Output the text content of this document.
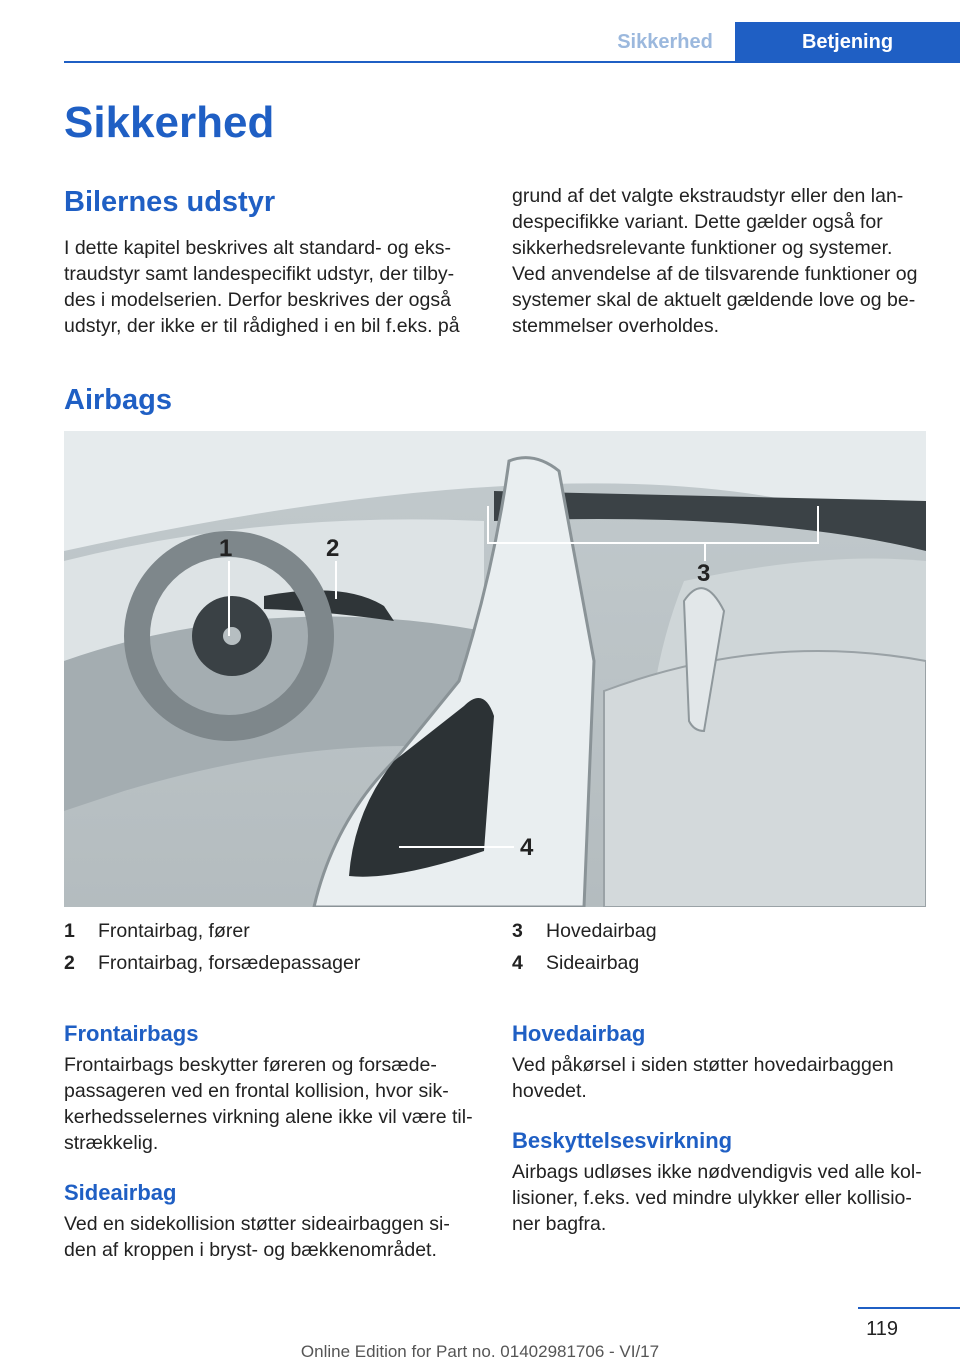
Sikkerhed	Betjening
Sikkerhed
Bilernes udstyr
I dette kapitel beskrives alt standard- og eks-
traudstyr samt landespecifikt udstyr, der tilby-
des i modelserien. Derfor beskrives der også
udstyr, der ikke er til rådighed i en bil f.eks. på
grund af det valgte ekstraudstyr eller den lan-
despecifikke variant. Dette gælder også for
sikkerhedsrelevante funktioner og systemer.
Ved anvendelse af de tilsvarende funktioner og
systemer skal de aktuelt gældende love og be-
stemmelser overholdes.
Airbags
1	2
3
4
1 Frontairbag, fører
2 Frontairbag, forsædepassager
3 Hovedairbag
4 Sideairbag
Frontairbags
Frontairbags beskytter føreren og forsæde-
passageren ved en frontal kollision, hvor sik-
kerhedsselernes virkning alene ikke vil være til-
strækkelig.
Sideairbag
Ved en sidekollision støtter sideairbaggen si-
den af kroppen i bryst- og bækkenområdet.
Hovedairbag
Ved påkørsel i siden støtter hovedairbaggen
hovedet.
Beskyttelsesvirkning
Airbags udløses ikke nødvendigvis ved alle kol-
lisioner, f.eks. ved mindre ulykker eller kollisio-
ner bagfra.
119
Online Edition for Part no. 01402981706 - VI/17
